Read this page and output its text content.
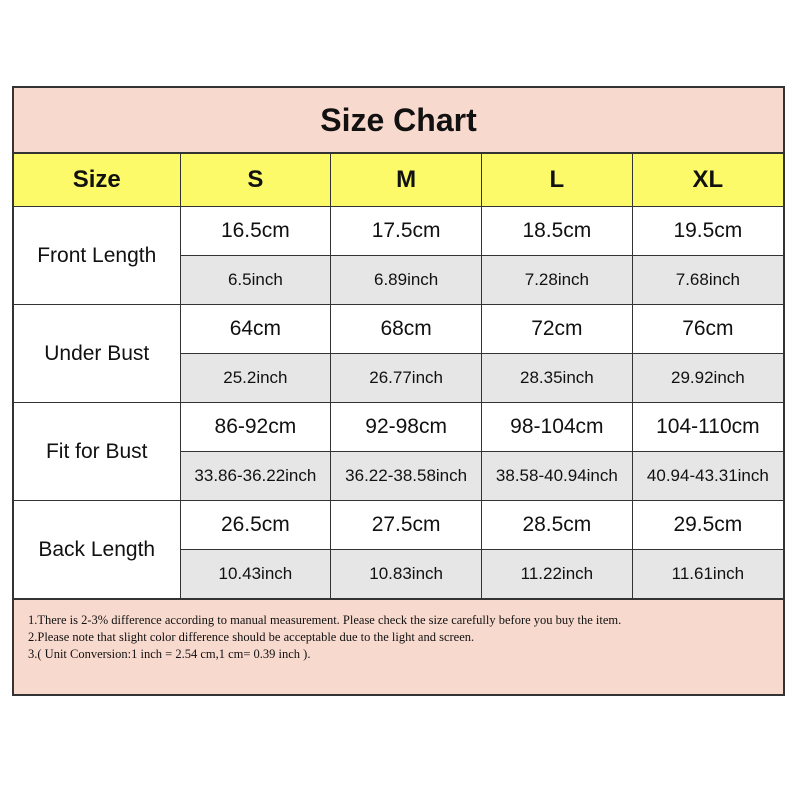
Size Chart
Size	S	M	L	XL
Front Length	16.5cm	17.5cm	18.5cm	19.5cm
	6.5inch	6.89inch	7.28inch	7.68inch
Under Bust	64cm	68cm	72cm	76cm
	25.2inch	26.77inch	28.35inch	29.92inch
Fit for Bust	86-92cm	92-98cm	98-104cm	104-110cm
	33.86-36.22inch	36.22-38.58inch	38.58-40.94inch	40.94-43.31inch
Back Length	26.5cm	27.5cm	28.5cm	29.5cm
	10.43inch	10.83inch	11.22inch	11.61inch
1.There is 2-3% difference according to manual measurement. Please check the size carefully before you buy the item.
2.Please note that slight color difference should be acceptable due to the light and screen.
3.( Unit Conversion:1 inch = 2.54 cm,1 cm= 0.39 inch ).
